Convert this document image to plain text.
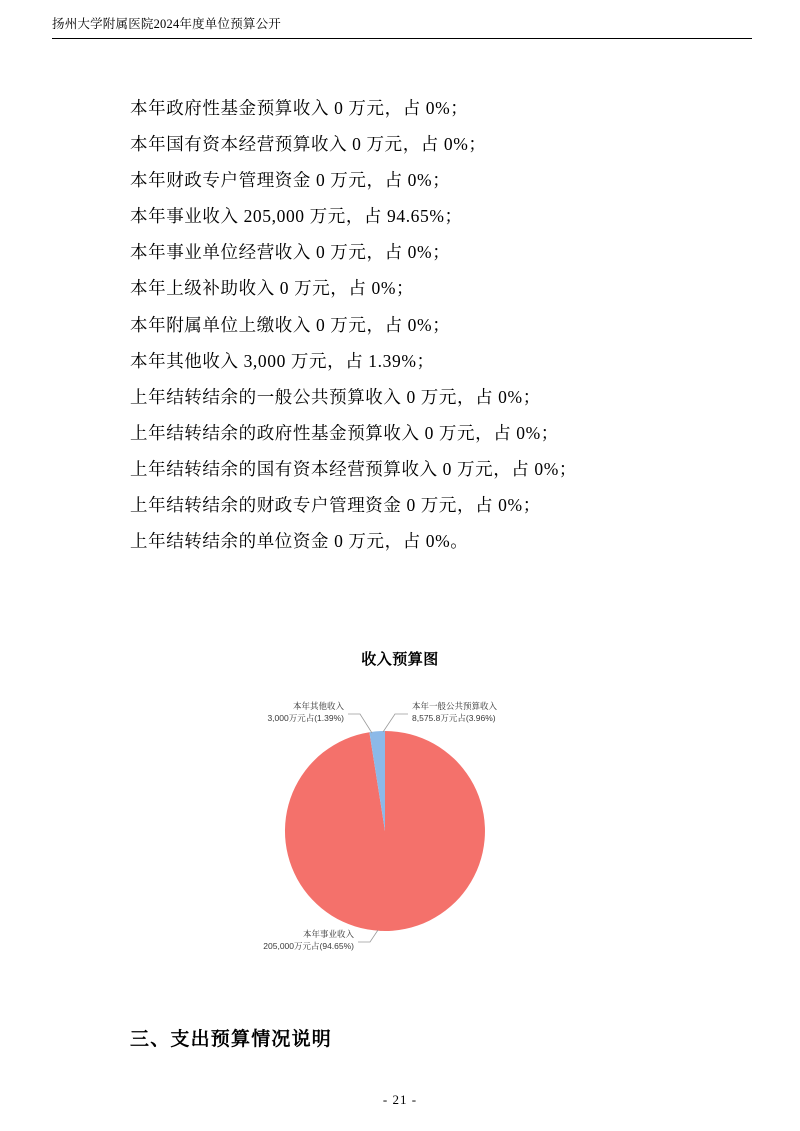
扬州大学附属医院2024年度单位预算公开
本年政府性基金预算收入 0 万元，占 0%；
本年国有资本经营预算收入 0 万元，占 0%；
本年财政专户管理资金 0 万元，占 0%；
本年事业收入 205,000 万元，占 94.65%；
本年事业单位经营收入 0 万元，占 0%；
本年上级补助收入 0 万元，占 0%；
本年附属单位上缴收入 0 万元，占 0%；
本年其他收入 3,000 万元，占 1.39%；
上年结转结余的一般公共预算收入 0 万元，占 0%；
上年结转结余的政府性基金预算收入 0 万元，占 0%；
上年结转结余的国有资本经营预算收入 0 万元，占 0%；
上年结转结余的财政专户管理资金 0 万元，占 0%；
上年结转结余的单位资金 0 万元，占 0%。
收入预算图
本年一般公共预算收入
8,575.8万元占(3.96%)
本年其他收入
3,000万元占(1.39%)
本年事业收入
205,000万元占(94.65%)
三、支出预算情况说明
- 21 -
